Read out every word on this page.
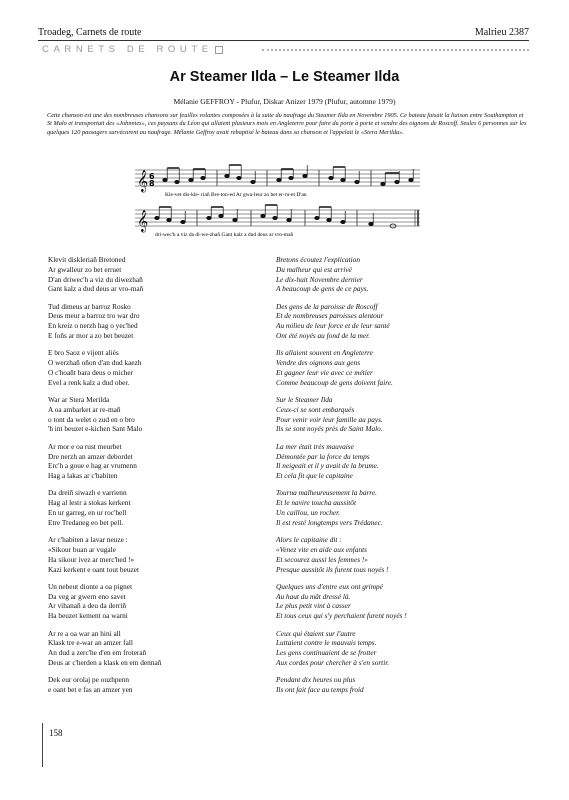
Troadeg, Carnets de route	Malrieu 2387
CARNETS DE ROUTE
Ar Steamer Ilda – Le Steamer Ilda
Mélanie GEFFROY - Plufur, Diskar Anizer 1979 (Plufur, automne 1979)
Cette chanson est une des nombreuses chansons sur feuilles volantes composées à la suite du naufrage du Steamer Ilda en Novembre 1905. Ce bateau faisait la liaison entre Southampton et St Malo et transportait des «Johnnies», ces paysans du Léon qui allaient plusieurs mois en Angleterre pour faire du porte à porte et vendre des oignons de Roscoff. Seules 6 personnes sur les quelques 120 passagers survécurent au naufrage. Mélanie Geffroy avait rebaptisé le bateau dans sa chanson et l'appelait le «Stera Merilda».
𝄞 6
8
Kle-vet dis-kle- riañ Bre-ton-ed Ar gwa-leur zo bet er-ru-et D'an
𝄞
dri-wec'h a viz da di-we-zhañ Gant kalz a dud deus ar vro-mañ
Klevit diskleriañ Bretoned
Ar gwalleur zo bet erruet
D'an driwec'h a viz du diwezhañ
Gant kalz a dud deus ar vro-mañ
Tud dimeus ar barroz Rosko
Deus meur a barroz tro war dro
En kreiz o nerzh hag o yec'hed
E foñs ar mor a zo bet beuzet
E bro Saoz e vijent aliès
O werzhañ oñon d'an dud kaezh
O c'hoañt bara deus o micher
Evel a renk kalz a dud ober.
War ar Stera Merilda
A oa ambarket ar re-mañ
o tont da welet o zud en o bro
'h int beuzet e-kichen Sant Malo
Ar mor e oa rust meurbet
Dre nerzh an amzer debordet
Erc'h a goue e hag ar vrumenn
Hag a lakas ar c'habiten
Da dreiñ siwazh e varrienn
Hag al lestr a stokas kerkent
En ur garreg, en ur roc'hell
Etre Tredaneg eo bet pell.
Ar c'habiten a lavar neuze :
«Sikour buan ar vugale
Ha sikour ivez ar merc'hed !»
Kazi kerkent e oant tout beuzet
Un nebeut dionte a oa pignet
Da veg ar gwern eno savet
Ar vihanañ a deu da derriñ
Ha beuzet kement oa warni
Ar re a oa war an hini all
Klask tre e-war an amzer fall
An dud a zerc'he d'en em froterañ
Deus ar c'herden a klask en em dennañ
Dek eur orolaj pe ouzhpenn
e oant bet e fas an amzer yen
Bretons écoutez l'explication
Du malheur qui est arrivé
Le dix-huit Novembre dernier
A beaucoup de gens de ce pays.
Des gens de la paroisse de Roscoff
Et de nombreuses paroisses alentour
Au milieu de leur force et de leur santé
Ont été noyés au fond de la mer.
Ils allaient souvent en Angleterre
Vendre des oignons aux gens
Et gagner leur vie avec ce métier
Comme beaucoup de gens doivent faire.
Sur le Steamer Ilda
Ceux-ci se sont embarqués
Pour venir voir leur famille au pays.
Ils se sont noyés près de Saint Malo.
La mer était très mauvaise
Démontée par la force du temps
Il neigeait et il y avait de la brume.
Et cela fit que le capitaine
Tourna malheureusement la barre.
Et le navire toucha aussitôt
Un caillou, un rocher.
Il est resté longtemps vers Trédanec.
Alors le capitaine dit :
«Venez vite en aide aux enfants
Et secourez aussi les femmes !»
Presque aussitôt ils furent tous noyés !
Quelques uns d'entre eux ont grimpé
Au haut du mât dressé là.
Le plus petit vint à casser
Et tous ceux qui s'y perchaient furent noyés !
Ceux qui étaient sur l'autre
Luttaient contre le mauvais temps.
Les gens continuaient de se frotter
Aux cordes pour chercher à s'en sortir.
Pendant dix heures ou plus
Ils ont fait face au temps froid
158
